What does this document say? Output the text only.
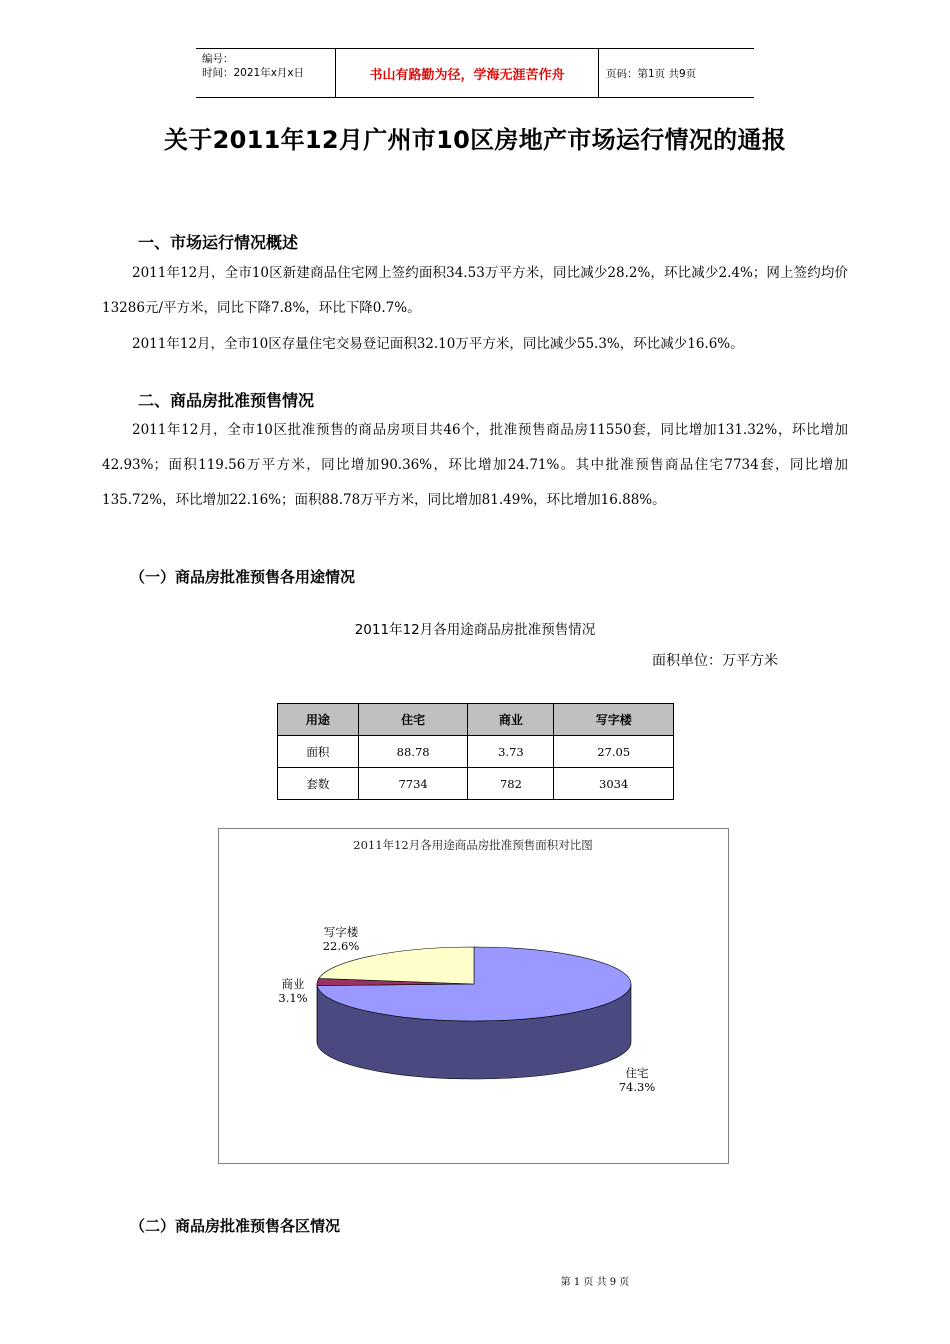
编号：
时间：2021年x月x日	书山有路勤为径，学海无涯苦作舟	页码：第1页 共9页
关于2011年12月广州市10区房地产市场运行情况的通报
一、市场运行情况概述
2011年12月，全市10区新建商品住宅网上签约面积34.53万平方米，同比减少28.2%，环比减少2.4%；网上签约均价13286元/平方米，同比下降7.8%，环比下降0.7%。
2011年12月，全市10区存量住宅交易登记面积32.10万平方米，同比减少55.3%，环比减少16.6%。
二、商品房批准预售情况
2011年12月，全市10区批准预售的商品房项目共46个，批准预售商品房11550套，同比增加131.32%，环比增加42.93%；面积119.56万平方米，同比增加90.36%，环比增加24.71%。其中批准预售商品住宅7734套，同比增加135.72%，环比增加22.16%；面积88.78万平方米，同比增加81.49%，环比增加16.88%。
（一）商品房批准预售各用途情况
2011年12月各用途商品房批准预售情况
面积单位：万平方米
用途	住宅	商业	写字楼
面积	88.78	3.73	27.05
套数	7734	782	3034
2011年12月各用途商品房批准预售面积对比图
住宅
74.3%
商业
3.1%
写字楼
22.6%
（二）商品房批准预售各区情况
第 1 页 共 9 页
